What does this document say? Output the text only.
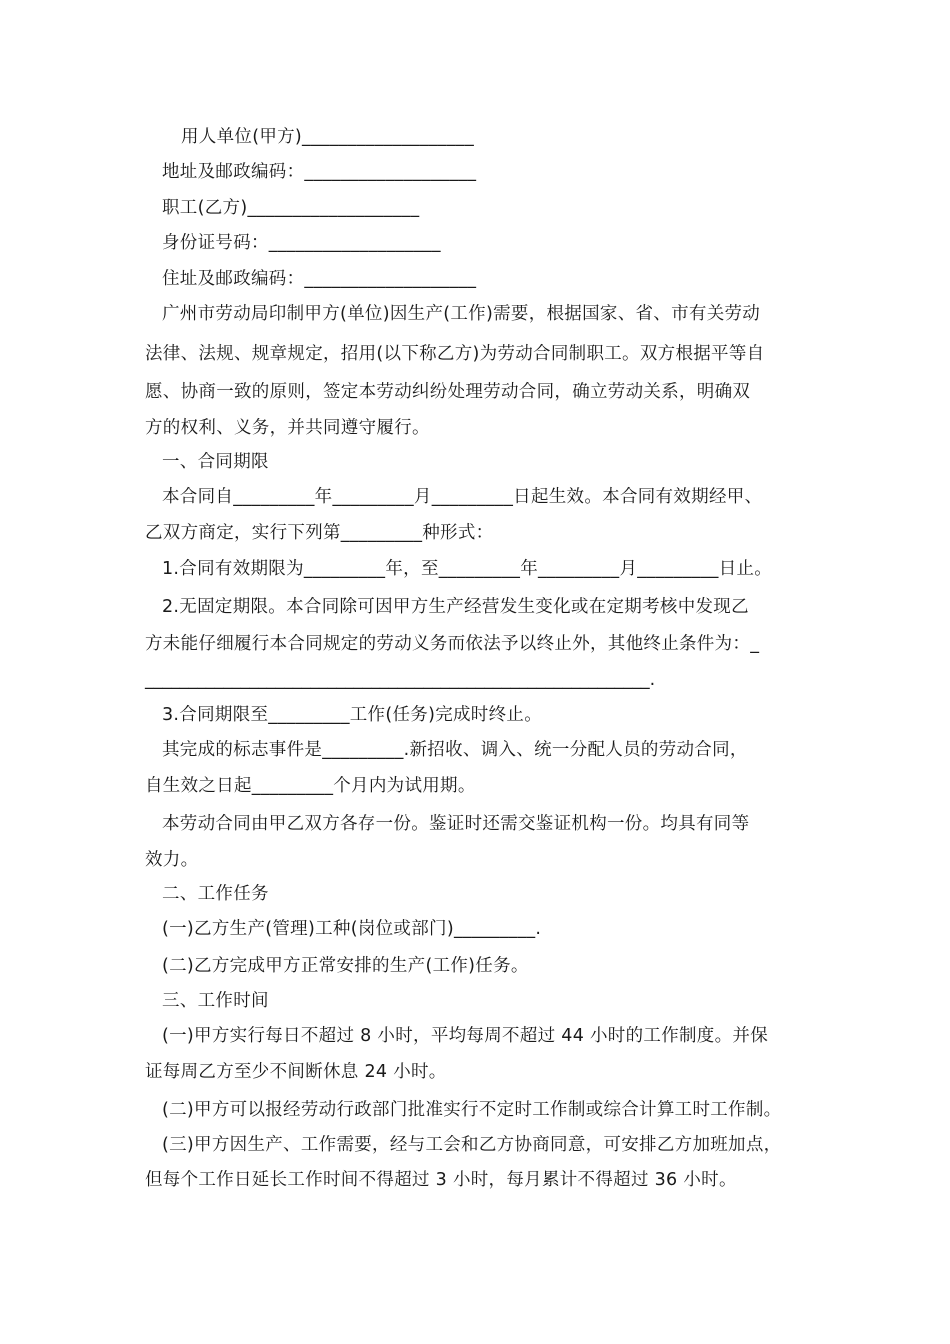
用人单位(甲方)___________________
地址及邮政编码：___________________
职工(乙方)___________________
身份证号码：___________________
住址及邮政编码：___________________
广州市劳动局印制甲方(单位)因生产(工作)需要，根据国家、省、市有关劳动
法律、法规、规章规定，招用(以下称乙方)为劳动合同制职工。双方根据平等自
愿、协商一致的原则，签定本劳动纠纷处理劳动合同，确立劳动关系，明确双
方的权利、义务，并共同遵守履行。
一、合同期限
本合同自_________年_________月_________日起生效。本合同有效期经甲、
乙双方商定，实行下列第_________种形式：
1.合同有效期限为_________年，至_________年_________月_________日止。
2.无固定期限。本合同除可因甲方生产经营发生变化或在定期考核中发现乙
方未能仔细履行本合同规定的劳动义务而依法予以终止外，其他终止条件为：_
__________________________________________________________.
3.合同期限至_________工作(任务)完成时终止。
其完成的标志事件是_________.新招收、调入、统一分配人员的劳动合同，
自生效之日起_________个月内为试用期。
本劳动合同由甲乙双方各存一份。鉴证时还需交鉴证机构一份。均具有同等
效力。
二、工作任务
(一)乙方生产(管理)工种(岗位或部门)_________.
(二)乙方完成甲方正常安排的生产(工作)任务。
三、工作时间
(一)甲方实行每日不超过 8 小时，平均每周不超过 44 小时的工作制度。并保
证每周乙方至少不间断休息 24 小时。
(二)甲方可以报经劳动行政部门批准实行不定时工作制或综合计算工时工作制。
(三)甲方因生产、工作需要，经与工会和乙方协商同意，可安排乙方加班加点，
但每个工作日延长工作时间不得超过 3 小时，每月累计不得超过 36 小时。
